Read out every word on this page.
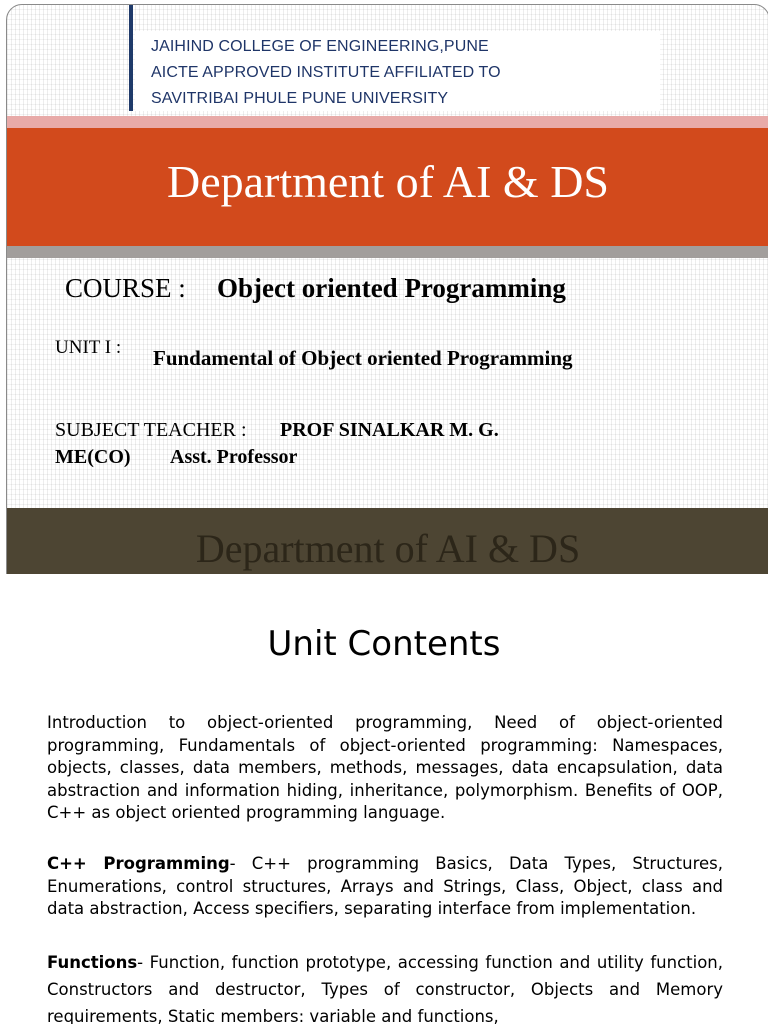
JAIHIND COLLEGE OF ENGINEERING,PUNE
AICTE APPROVED INSTITUTE AFFILIATED TO
SAVITRIBAI PHULE PUNE UNIVERSITY
Department of AI & DS
COURSE : Object oriented Programming
UNIT I : Fundamental of Object oriented Programming
SUBJECT TEACHER : PROF SINALKAR M. G.
ME(CO) Asst. Professor
Department of AI & DS
Unit Contents
Introduction to object-oriented programming, Need of object-oriented programming, Fundamentals of object-oriented programming: Namespaces, objects, classes, data members, methods, messages, data encapsulation, data abstraction and information hiding, inheritance, polymorphism. Benefits of OOP, C++ as object oriented programming language.
C++ Programming- C++ programming Basics, Data Types, Structures, Enumerations, control structures, Arrays and Strings, Class, Object, class and data abstraction, Access specifiers, separating interface from implementation.
Functions- Function, function prototype, accessing function and utility function, Constructors and destructor, Types of constructor, Objects and Memory requirements, Static members: variable and functions,
